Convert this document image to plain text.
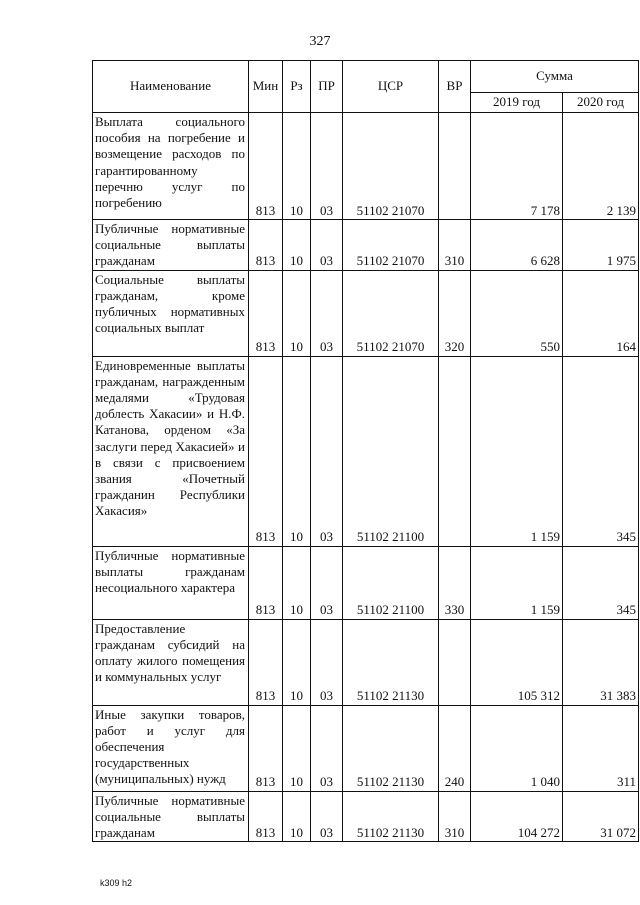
327
Наименование	Мин	Рз	ПР	ЦСР	ВР	Сумма	
						2019 год	2020 год
Выплата социального пособия на погребение и возмещение расходов по гарантированному перечню услуг по погребению	813	10	03	51102 21070		7 178	2 139
Публичные нормативные социальные выплаты гражданам	813	10	03	51102 21070	310	6 628	1 975
Социальные выплаты гражданам, кроме публичных нормативных социальных выплат	813	10	03	51102 21070	320	550	164
Единовременные выплаты гражданам, награжденным медалями «Трудовая доблесть Хакасии» и Н.Ф. Катанова, орденом «За заслуги перед Хакасией» и в связи с присвоением звания «Почетный гражданин Республики Хакасия»	813	10	03	51102 21100		1 159	345
Публичные нормативные выплаты гражданам несоциального характера	813	10	03	51102 21100	330	1 159	345
Предоставление гражданам субсидий на оплату жилого помещения и коммунальных услуг	813	10	03	51102 21130		105 312	31 383
Иные закупки товаров, работ и услуг для обеспечения государственных (муниципальных) нужд	813	10	03	51102 21130	240	1 040	311
Публичные нормативные социальные выплаты гражданам	813	10	03	51102 21130	310	104 272	31 072
k309 h2
